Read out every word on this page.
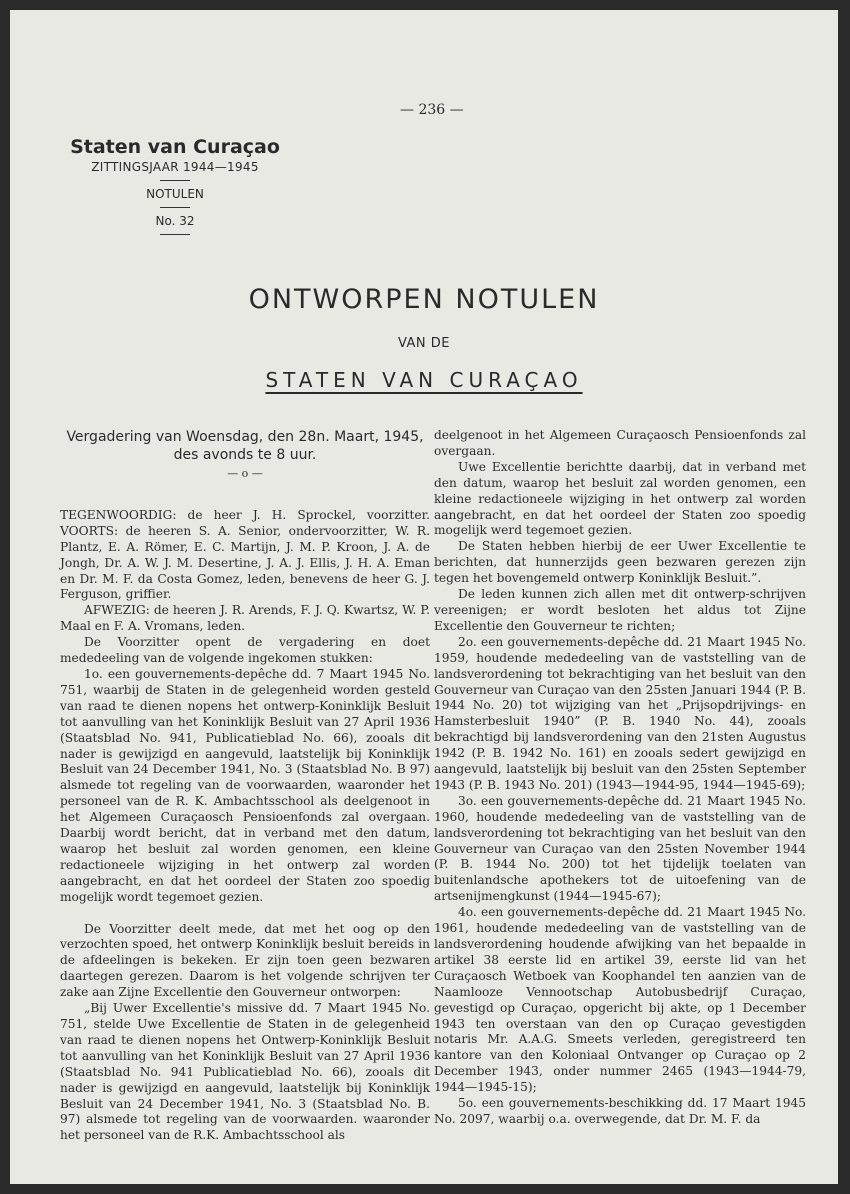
— 236 —
Staten van Curaçao
ZITTINGSJAAR 1944—1945
NOTULEN
No. 32
ONTWORPEN NOTULEN
VAN DE
STATEN VAN CURAÇAO
Vergadering van Woensdag, den 28n. Maart, 1945,
des avonds te 8 uur.
— o —

TEGENWOORDIG: de heer J. H. Sprockel, voorzitter. VOORTS: de heeren S. A. Senior, ondervoorzitter, W. R. Plantz, E. A. Römer, E. C. Martijn, J. M. P. Kroon, J. A. de Jongh, Dr. A. W. J. M. Desertine, J. A. J. Ellis, J. H. A. Eman en Dr. M. F. da Costa Gomez, leden, benevens de heer G. J. Ferguson, griffier.

AFWEZIG: de heeren J. R. Arends, F. J. Q. Kwartsz, W. P. Maal en F. A. Vromans, leden.

De Voorzitter opent de vergadering en doet mededeeling van de volgende ingekomen stukken:

1o. een gouvernements-depêche dd. 7 Maart 1945 No. 751, waarbij de Staten in de gelegenheid worden gesteld van raad te dienen nopens het ontwerp-Koninklijk Besluit tot aanvulling van het Koninklijk Besluit van 27 April 1936 (Staatsblad No. 941, Publicatieblad No. 66), zooals dit nader is gewijzigd en aangevuld, laatstelijk bij Koninklijk Besluit van 24 December 1941, No. 3 (Staatsblad No. B 97) alsmede tot regeling van de voorwaarden, waaronder het personeel van de R. K. Ambachtsschool als deelgenoot in het Algemeen Curaçaosch Pensioenfonds zal overgaan. Daarbij wordt bericht, dat in verband met den datum, waarop het besluit zal worden genomen, een kleine redactioneele wijziging in het ontwerp zal worden aangebracht, en dat het oordeel der Staten zoo spoedig mogelijk wordt tegemoet gezien.

De Voorzitter deelt mede, dat met het oog op den verzochten spoed, het ontwerp Koninklijk besluit bereids in de afdeelingen is bekeken. Er zijn toen geen bezwaren daartegen gerezen. Daarom is het volgende schrijven ter zake aan Zijne Excellentie den Gouverneur ontworpen:

„Bij Uwer Excellentie's missive dd. 7 Maart 1945 No. 751, stelde Uwe Excellentie de Staten in de gelegenheid van raad te dienen nopens het Ontwerp-Koninklijk Besluit tot aanvulling van het Koninklijk Besluit van 27 April 1936 (Staatsblad No. 941 Publicatieblad No. 66), zooals dit nader is gewijzigd en aangevuld, laatstelijk bij Koninklijk Besluit van 24 December 1941, No. 3 (Staatsblad No. B. 97) alsmede tot regeling van de voorwaarden. waaronder het personeel van de R.K. Ambachtsschool als

deelgenoot in het Algemeen Curaçaosch Pensioenfonds zal overgaan.

Uwe Excellentie berichtte daarbij, dat in verband met den datum, waarop het besluit zal worden genomen, een kleine redactioneele wijziging in het ontwerp zal worden aangebracht, en dat het oordeel der Staten zoo spoedig mogelijk werd tegemoet gezien.

De Staten hebben hierbij de eer Uwer Excellentie te berichten, dat hunnerzijds geen bezwaren gerezen zijn tegen het bovengemeld ontwerp Koninklijk Besluit.”.

De leden kunnen zich allen met dit ontwerp-schrijven vereenigen; er wordt besloten het aldus tot Zijne Excellentie den Gouverneur te richten;

2o. een gouvernements-depêche dd. 21 Maart 1945 No. 1959, houdende mededeeling van de vaststelling van de landsverordening tot bekrachtiging van het besluit van den Gouverneur van Curaçao van den 25sten Januari 1944 (P. B. 1944 No. 20) tot wijziging van het „Prijsopdrijvings- en Hamsterbesluit 1940” (P. B. 1940 No. 44), zooals bekrachtigd bij landsverordening van den 21sten Augustus 1942 (P. B. 1942 No. 161) en zooals sedert gewijzigd en aangevuld, laatstelijk bij besluit van den 25sten September 1943 (P. B. 1943 No. 201) (1943—1944-95, 1944—1945-69);

3o. een gouvernements-depêche dd. 21 Maart 1945 No. 1960, houdende mededeeling van de vaststelling van de landsverordening tot bekrachtiging van het besluit van den Gouverneur van Curaçao van den 25sten November 1944 (P. B. 1944 No. 200) tot het tijdelijk toelaten van buitenlandsche apothekers tot de uitoefening van de artsenijmengkunst (1944—1945-67);

4o. een gouvernements-depêche dd. 21 Maart 1945 No. 1961, houdende mededeeling van de vaststelling van de landsverordening houdende afwijking van het bepaalde in artikel 38 eerste lid en artikel 39, eerste lid van het Curaçaosch Wetboek van Koophandel ten aanzien van de Naamlooze Vennootschap Autobusbedrijf Curaçao, gevestigd op Curaçao, opgericht bij akte, op 1 December 1943 ten overstaan van den op Curaçao gevestigden notaris Mr. A.A.G. Smeets verleden, geregistreerd ten kantore van den Koloniaal Ontvanger op Curaçao op 2 December 1943, onder nummer 2465 (1943—1944-79, 1944—1945-15);

5o. een gouvernements-beschikking dd. 17 Maart 1945 No. 2097, waarbij o.a. overwegende, dat Dr. M. F. da
